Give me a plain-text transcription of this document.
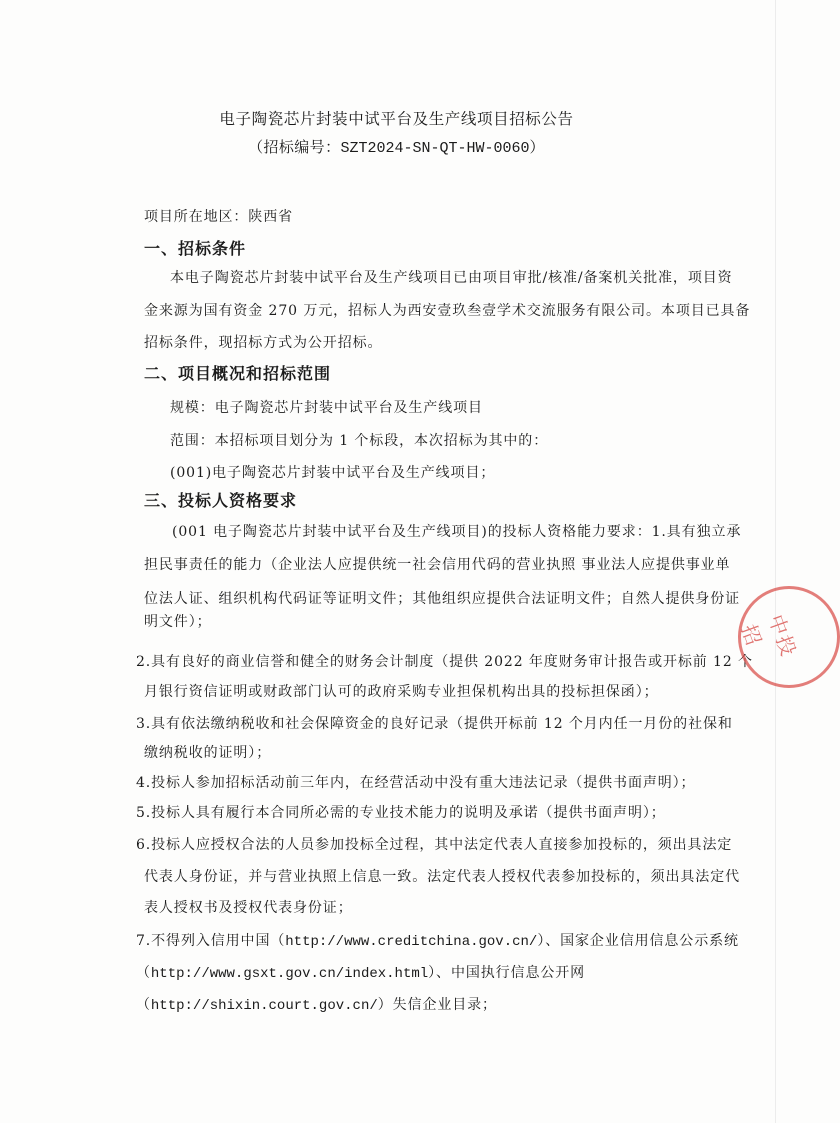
电子陶瓷芯片封装中试平台及生产线项目招标公告
（招标编号：SZT2024-SN-QT-HW-0060）
项目所在地区：陕西省
一、招标条件
本电子陶瓷芯片封装中试平台及生产线项目已由项目审批/核准/备案机关批准，项目资
金来源为国有资金 270 万元，招标人为西安壹玖叁壹学术交流服务有限公司。本项目已具备
招标条件，现招标方式为公开招标。
二、项目概况和招标范围
规模：电子陶瓷芯片封装中试平台及生产线项目
范围：本招标项目划分为 1 个标段，本次招标为其中的：
(001)电子陶瓷芯片封装中试平台及生产线项目；
三、投标人资格要求
(001 电子陶瓷芯片封装中试平台及生产线项目)的投标人资格能力要求：1.具有独立承
担民事责任的能力（企业法人应提供统一社会信用代码的营业执照 事业法人应提供事业单
位法人证、组织机构代码证等证明文件；其他组织应提供合法证明文件；自然人提供身份证
明文件）；
2.具有良好的商业信誉和健全的财务会计制度（提供 2022 年度财务审计报告或开标前 12 个
月银行资信证明或财政部门认可的政府采购专业担保机构出具的投标担保函）；
3.具有依法缴纳税收和社会保障资金的良好记录（提供开标前 12 个月内任一月份的社保和
缴纳税收的证明）；
4.投标人参加招标活动前三年内，在经营活动中没有重大违法记录（提供书面声明）；
5.投标人具有履行本合同所必需的专业技术能力的说明及承诺（提供书面声明）；
6.投标人应授权合法的人员参加投标全过程，其中法定代表人直接参加投标的，须出具法定
代表人身份证，并与营业执照上信息一致。法定代表人授权代表参加投标的，须出具法定代
表人授权书及授权代表身份证；
7.不得列入信用中国（http://www.creditchina.gov.cn/）、国家企业信用信息公示系统
（http://www.gsxt.gov.cn/index.html）、中国执行信息公开网
（http://shixin.court.gov.cn/）失信企业目录；
中投招
